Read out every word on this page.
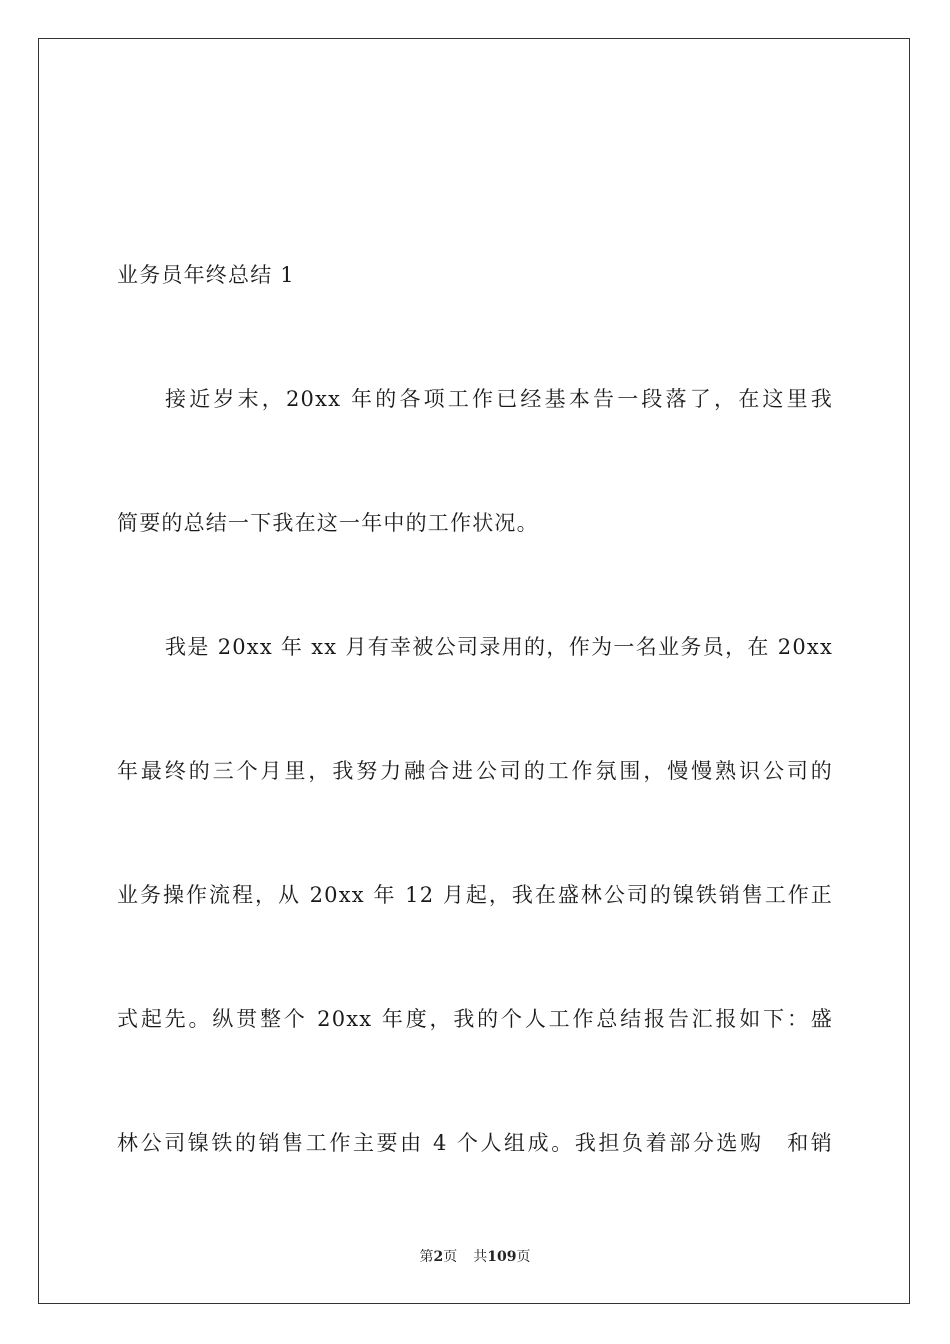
业务员年终总结 1
接近岁末，20xx 年的各项工作已经基本告一段落了，在这里我
简要的总结一下我在这一年中的工作状况。
我是 20xx 年 xx 月有幸被公司录用的，作为一名业务员，在 20xx
年最终的三个月里，我努力融合进公司的工作氛围，慢慢熟识公司的
业务操作流程，从 20xx 年 12 月起，我在盛林公司的镍铁销售工作正
式起先。纵贯整个 20xx 年度，我的个人工作总结报告汇报如下：盛
林公司镍铁的销售工作主要由 4 个人组成。我担负着部分选购　和销
第2页 共109页
